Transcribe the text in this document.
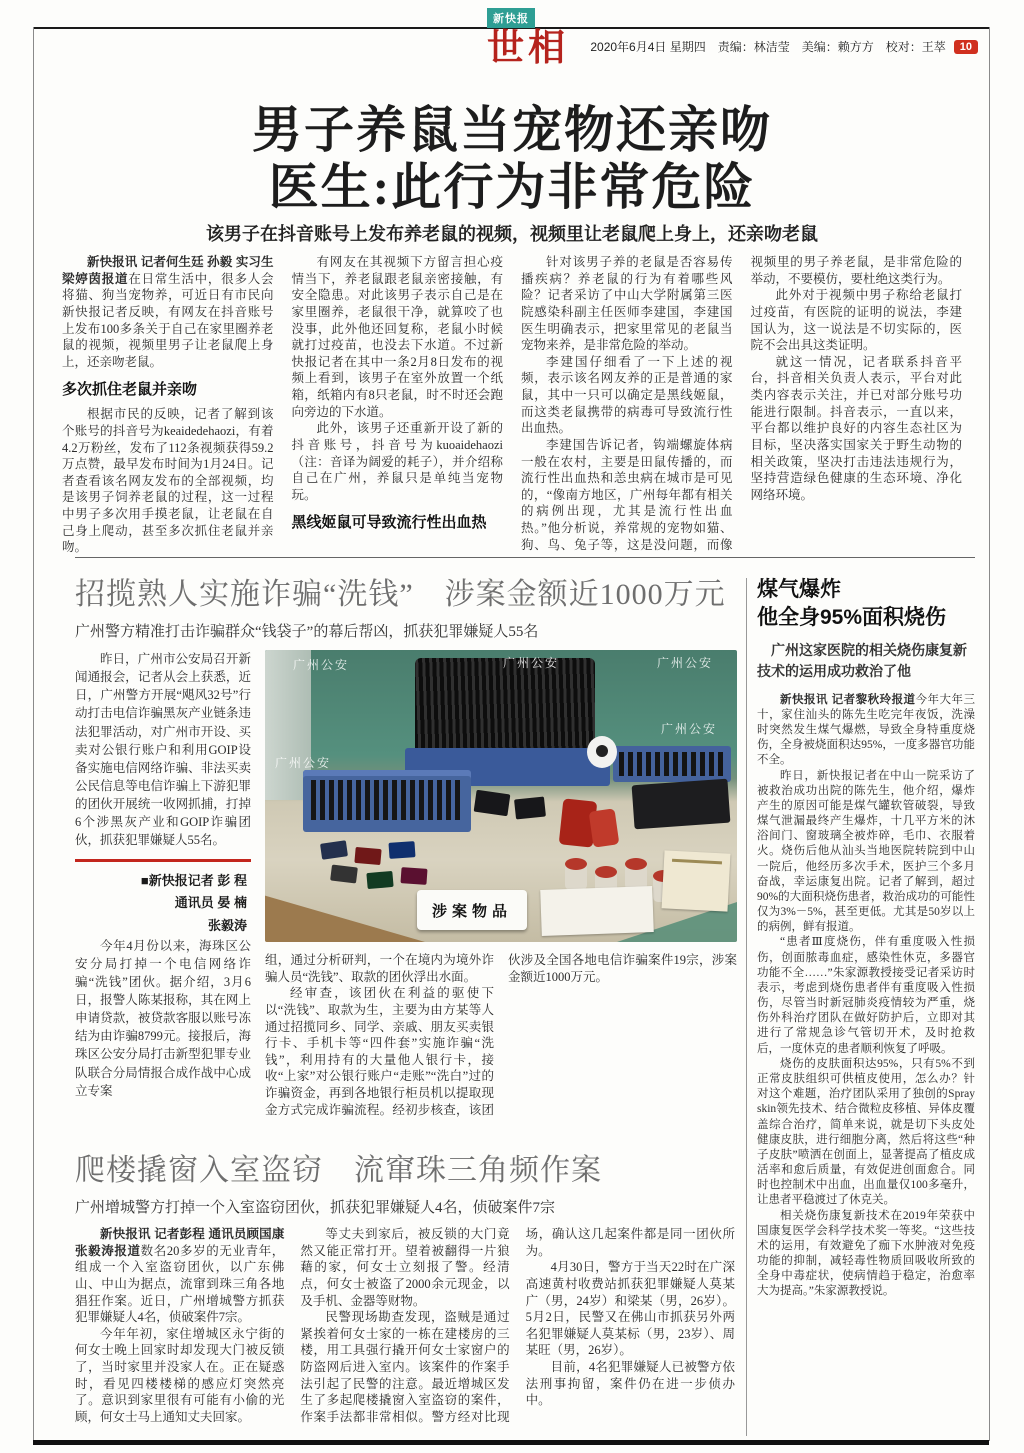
2020年6月4日 星期四　责编：林洁莹　美编：赖方方　校对：王萃	10
新快报
世相
男子养鼠当宠物还亲吻
医生:此行为非常危险
该男子在抖音账号上发布养老鼠的视频，视频里让老鼠爬上身上，还亲吻老鼠

新快报讯 记者何生廷 孙毅 实习生梁婷茵报道在日常生活中，很多人会将猫、狗当宠物养，可近日有市民向新快报记者反映，有网友在抖音账号上发布100多条关于自己在家里圈养老鼠的视频，视频里男子让老鼠爬上身上，还亲吻老鼠。

多次抓住老鼠并亲吻

根据市民的反映，记者了解到该个账号的抖音号为keaidedehaozi，有着4.2万粉丝，发布了112条视频获得59.2万点赞，最早发布时间为1月24日。记者查看该名网友发布的全部视频，均是该男子饲养老鼠的过程，这一过程中男子多次用手摸老鼠，让老鼠在自己身上爬动，甚至多次抓住老鼠并亲吻。

有网友在其视频下方留言担心疫情当下，养老鼠跟老鼠亲密接触，有安全隐患。对此该男子表示自己是在家里圈养，老鼠很干净，就算咬了也没事，此外他还回复称，老鼠小时候就打过疫苗，也没去下水道。不过新快报记者在其中一条2月8日发布的视频上看到，该男子在室外放置一个纸箱，纸箱内有8只老鼠，时不时还会跑向旁边的下水道。

此外，该男子还重新开设了新的抖音账号，抖音号为kuoaidehaozi（注：音译为阔爱的耗子），并介绍称自己在广州，养鼠只是单纯当宠物玩。

黑线姬鼠可导致流行性出血热

针对该男子养的老鼠是否容易传播疾病？养老鼠的行为有着哪些风险？记者采访了中山大学附属第三医院感染科副主任医师李建国，李建国医生明确表示，把家里常见的老鼠当宠物来养，是非常危险的举动。

李建国仔细看了一下上述的视频，表示该名网友养的正是普通的家鼠，其中一只可以确定是黑线姬鼠，而这类老鼠携带的病毒可导致流行性出血热。

李建国告诉记者，钩端螺旋体病一般在农村，主要是田鼠传播的，而流行性出血热和恙虫病在城市是可见的，“像南方地区，广州每年都有相关的病例出现，尤其是流行性出血热。”他分析说，养常规的宠物如猫、狗、鸟、兔子等，这是没问题，而像视频里的男子养老鼠，是非常危险的举动，不要模仿，要杜绝这类行为。

此外对于视频中男子称给老鼠打过疫苗，有医院的证明的说法，李建国认为，这一说法是不切实际的，医院不会出具这类证明。

就这一情况，记者联系抖音平台，抖音相关负责人表示，平台对此类内容表示关注，并已对部分账号功能进行限制。抖音表示，一直以来，平台都以维护良好的内容生态社区为目标，坚决落实国家关于野生动物的相关政策，坚决打击违法违规行为，坚持营造绿色健康的生态环境、净化网络环境。

招揽熟人实施诈骗“洗钱”　涉案金额近1000万元
广州警方精准打击诈骗群众“钱袋子”的幕后帮凶，抓获犯罪嫌疑人55名

昨日，广州市公安局召开新闻通报会，记者从会上获悉，近日，广州警方开展“飓风32号”行动打击电信诈骗黑灰产业链条违法犯罪活动，对广州市开设、买卖对公银行账户和利用GOIP设备实施电信网络诈骗、非法买卖公民信息等电信诈骗上下游犯罪的团伙开展统一收网抓捕，打掉6个涉黑灰产业和GOIP诈骗团伙，抓获犯罪嫌疑人55名。

■新快报记者 彭 程
通讯员 晏 楠
张毅涛

今年4月份以来，海珠区公安分局打掉一个电信网络诈骗“洗钱”团伙。据介绍，3月6日，报警人陈某报称，其在网上申请贷款，被贷款客服以账号冻结为由诈骗8799元。接报后，海珠区公安分局打击新型犯罪专业队联合分局情报合成作战中心成立专案

涉案物品
广州公安	广州公安	广州公安
广州公安
广州公安

组，通过分析研判，一个在境内为境外诈骗人员“洗钱”、取款的团伙浮出水面。

经审查，该团伙在利益的驱使下以“洗钱”、取款为生，主要为由方某等人通过招揽同乡、同学、亲戚、朋友买卖银行卡、手机卡等“四件套”实施诈骗“洗钱”，利用持有的大量他人银行卡，接收“上家”对公银行账户“走账”“洗白”过的诈骗资金，再到各地银行柜员机以提取现金方式完成诈骗流程。经初步核查，该团伙涉及全国各地电信诈骗案件19宗，涉案金额近1000万元。

煤气爆炸
他全身95%面积烧伤
广州这家医院的相关烧伤康复新技术的运用成功救治了他

新快报讯 记者黎秋玲报道今年大年三十，家住汕头的陈先生吃完年夜饭，洗澡时突然发生煤气爆燃，导致全身特重度烧伤，全身被烧面积达95%，一度多器官功能不全。

昨日，新快报记者在中山一院采访了被救治成功出院的陈先生，他介绍，爆炸产生的原因可能是煤气罐软管破裂，导致煤气泄漏最终产生爆炸，十几平方米的沐浴间门、窗玻璃全被炸碎，毛巾、衣服着火。烧伤后他从汕头当地医院转院到中山一院后，他经历多次手术，医护三个多月奋战，幸运康复出院。记者了解到，超过90%的大面积烧伤患者，救治成功的可能性仅为3%－5%，甚至更低。尤其是50岁以上的病例，鲜有报道。

“患者Ⅲ度烧伤，伴有重度吸入性损伤，创面脓毒血症，感染性休克，多器官功能不全……”朱家源教授接受记者采访时表示，考虑到烧伤患者伴有重度吸入性损伤，尽管当时新冠肺炎疫情较为严重，烧伤外科治疗团队在做好防护后，立即对其进行了常规急诊气管切开术，及时抢救后，一度休克的患者顺利恢复了呼吸。

烧伤的皮肤面积达95%，只有5%不到正常皮肤组织可供植皮使用，怎么办？针对这个难题，治疗团队采用了独创的Spray skin领先技术、结合微粒皮移植、异体皮覆盖综合治疗，简单来说，就是切下头皮处健康皮肤，进行细胞分离，然后将这些“种子皮肤”喷洒在创面上，显著提高了植皮成活率和愈后质量，有效促进创面愈合。同时也控制术中出血，出血量仅100多毫升，让患者平稳渡过了休克关。

相关烧伤康复新技术在2019年荣获中国康复医学会科学技术奖一等奖。“这些技术的运用，有效避免了痂下水肿液对免疫功能的抑制，减轻毒性物质回吸收所致的全身中毒症状，使病情趋于稳定，治愈率大为提高。”朱家源教授说。

爬楼撬窗入室盗窃　流窜珠三角频作案
广州增城警方打掉一个入室盗窃团伙，抓获犯罪嫌疑人4名，侦破案件7宗

新快报讯 记者彭程 通讯员顾国康 张毅涛报道数名20多岁的无业青年，组成一个入室盗窃团伙，以广东佛山、中山为据点，流窜到珠三角各地猖狂作案。近日，广州增城警方抓获犯罪嫌疑人4名，侦破案件7宗。

今年年初，家住增城区永宁街的何女士晚上回家时却发现大门被反锁了，当时家里并没家人在。正在疑惑时，看见四楼楼梯的感应灯突然亮了。意识到家里很有可能有小偷的光顾，何女士马上通知丈夫回家。

等丈夫到家后，被反锁的大门竟然又能正常打开。望着被翻得一片狼藉的家，何女士立刻报了警。经清点，何女士被盗了2000余元现金，以及手机、金器等财物。

民警现场勘查发现，盗贼是通过紧挨着何女士家的一栋在建楼房的三楼，用工具强行撬开何女士家窗户的防盗网后进入室内。该案件的作案手法引起了民警的注意。最近增城区发生了多起爬楼撬窗入室盗窃的案件，作案手法都非常相似。警方经对比现场，确认这几起案件都是同一团伙所为。

4月30日，警方于当天22时在广深高速黄村收费站抓获犯罪嫌疑人莫某广（男，24岁）和梁某（男，26岁）。5月2日，民警又在佛山市抓获另外两名犯罪嫌疑人莫某标（男，23岁）、周某旺（男，26岁）。

目前，4名犯罪嫌疑人已被警方依法刑事拘留，案件仍在进一步侦办中。
